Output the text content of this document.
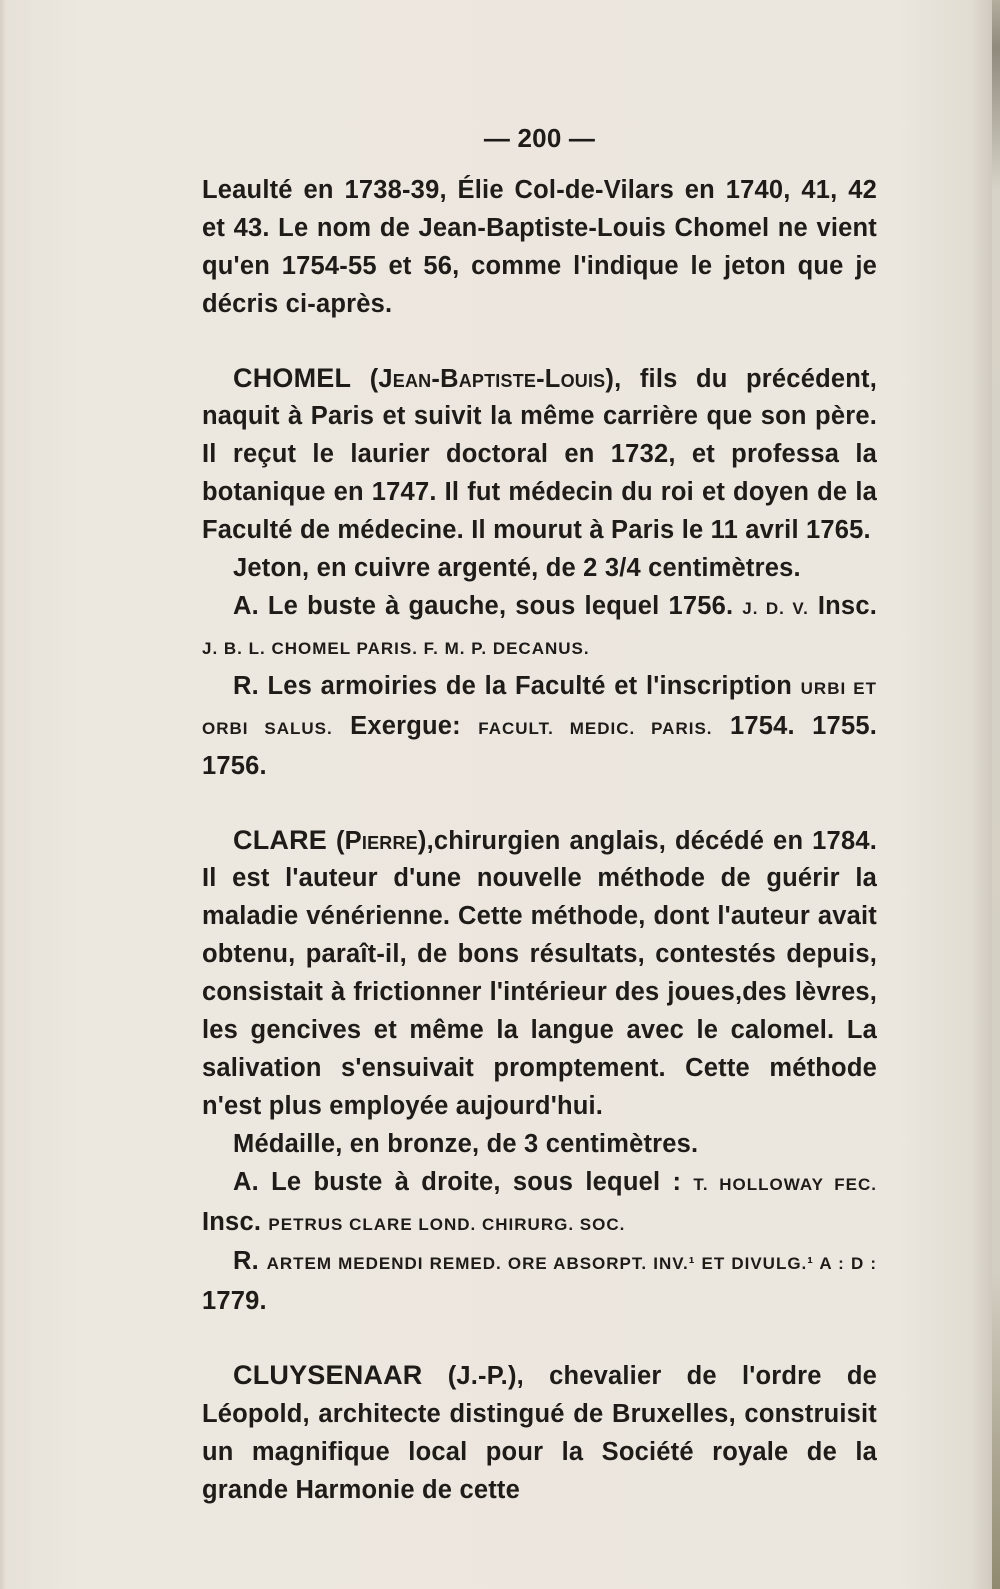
— 200 —

Leaulté en 1738-39, Élie Col-de-Vilars en 1740, 41, 42 et 43. Le nom de Jean-Baptiste-Louis Chomel ne vient qu'en 1754-55 et 56, comme l'indique le jeton que je décris ci-après.

CHOMEL (Jean-Baptiste-Louis), fils du précédent, naquit à Paris et suivit la même carrière que son père. Il reçut le laurier doctoral en 1732, et professa la botanique en 1747. Il fut médecin du roi et doyen de la Faculté de médecine. Il mourut à Paris le 11 avril 1765.

Jeton, en cuivre argenté, de 2 3/4 centimètres.

A. Le buste à gauche, sous lequel 1756. J. D. V. Insc. J. B. L. CHOMEL PARIS. F. M. P. DECANUS.

R. Les armoiries de la Faculté et l'inscription URBI ET ORBI SALUS. Exergue: FACULT. MEDIC. PARIS. 1754. 1755. 1756.

CLARE (Pierre),chirurgien anglais, décédé en 1784. Il est l'auteur d'une nouvelle méthode de guérir la maladie vénérienne. Cette méthode, dont l'auteur avait obtenu, paraît-il, de bons résultats, contestés depuis, consistait à frictionner l'intérieur des joues,des lèvres, les gencives et même la langue avec le calomel. La salivation s'ensuivait promptement. Cette méthode n'est plus employée aujourd'hui.

Médaille, en bronze, de 3 centimètres.

A. Le buste à droite, sous lequel : T. HOLLOWAY FEC. Insc. PETRUS CLARE LOND. CHIRURG. SOC.

R. ARTEM MEDENDI REMED. ORE ABSORPT. INV.¹ ET DIVULG.¹ A : D : 1779.

CLUYSENAAR (J.-P.), chevalier de l'ordre de Léopold, architecte distingué de Bruxelles, construisit un magnifique local pour la Société royale de la grande Harmonie de cette
